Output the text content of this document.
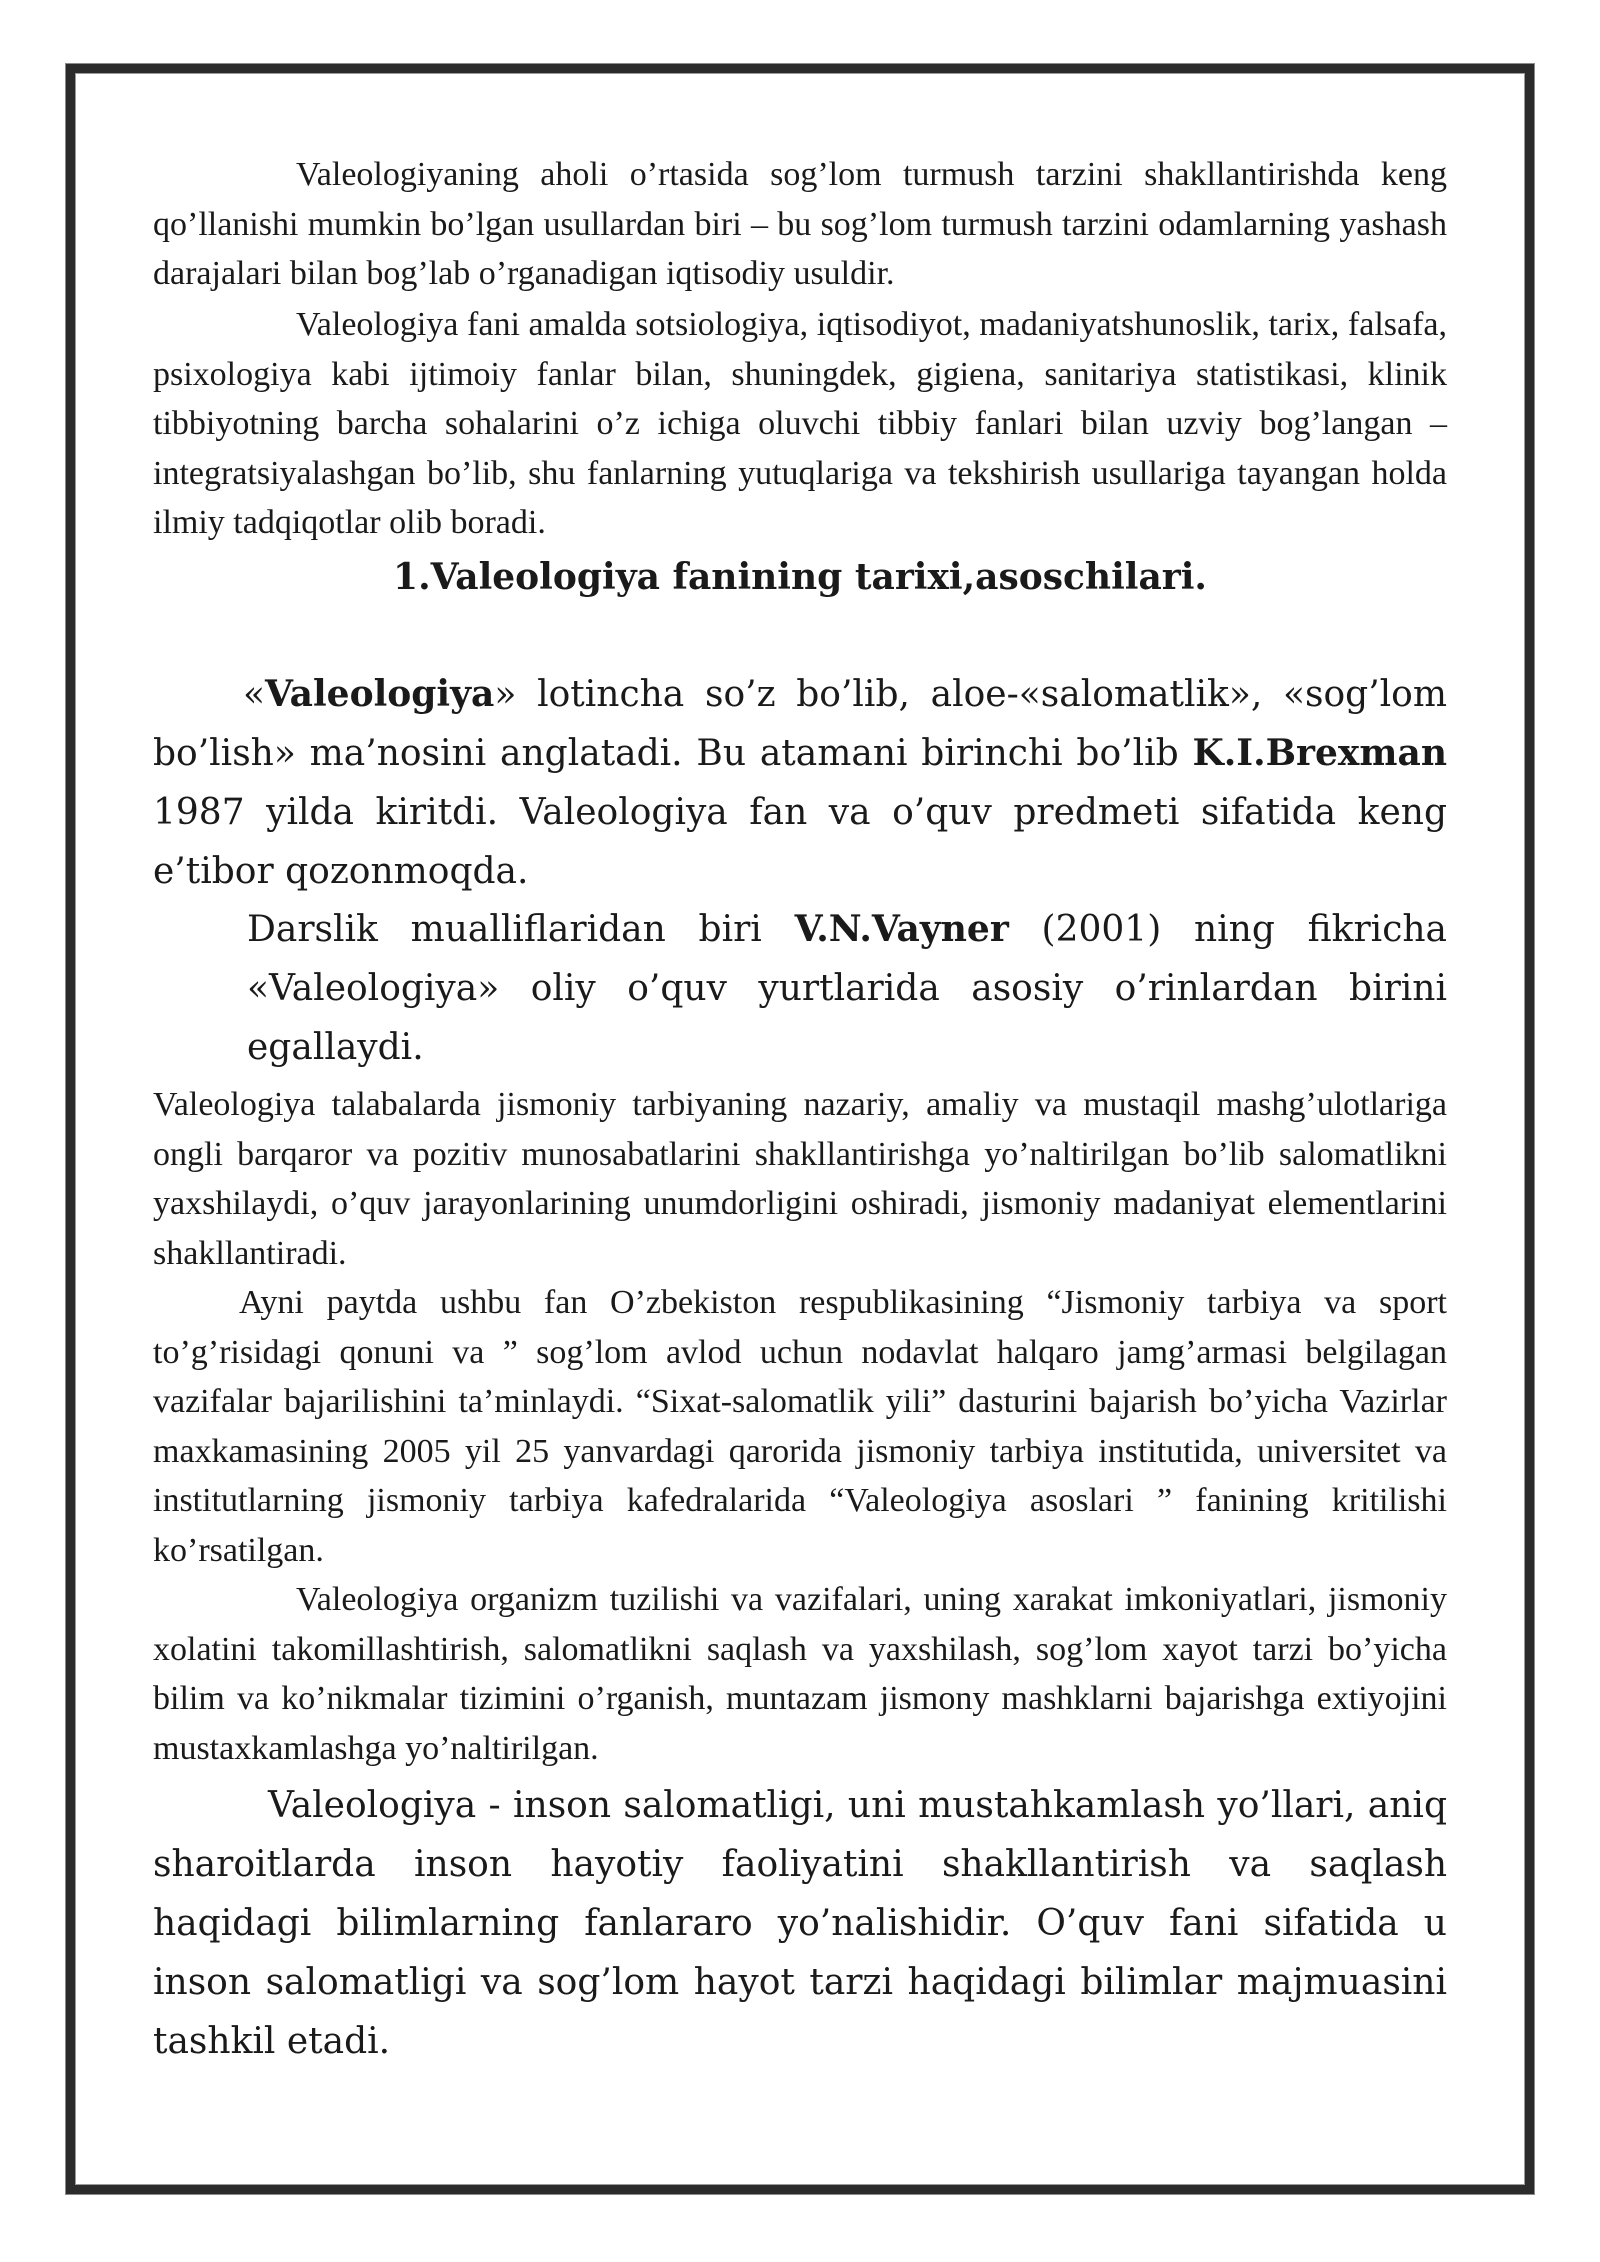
Valeologiyaning aholi o’rtasida sog’lom turmush tarzini shakllantirishda keng qo’llanishi mumkin bo’lgan usullardan biri – bu sog’lom turmush tarzini odamlarning yashash darajalari bilan bog’lab o’rganadigan iqtisodiy usuldir.

Valeologiya fani amalda sotsiologiya, iqtisodiyot, madaniyatshunoslik, tarix, falsafa, psixologiya kabi ijtimoiy fanlar bilan, shuningdek, gigiena, sanitariya statistikasi, klinik tibbiyotning barcha sohalarini o’z ichiga oluvchi tibbiy fanlari bilan uzviy bog’langan – integratsiyalashgan bo’lib, shu fanlarning yutuqlariga va tekshirish usullariga tayangan holda ilmiy tadqiqotlar olib boradi.

1.Valeologiya fanining tarixi,asoschilari.

«Valeologiya» lotincha so’z bo’lib, aloe-«salomatlik», «sog’lom bo’lish» ma’nosini anglatadi. Bu atamani birinchi bo’lib K.I.Brexman 1987 yilda kiritdi. Valeologiya fan va o’quv predmeti sifatida keng e’tibor qozonmoqda.

Darslik mualliflaridan biri V.N.Vayner (2001) ning fikricha «Valeologiya» oliy o’quv yurtlarida asosiy o’rinlardan birini egallaydi.

Valeologiya talabalarda jismoniy tarbiyaning nazariy, amaliy va mustaqil mashg’ulotlariga ongli barqaror va pozitiv munosabatlarini shakllantirishga yo’naltirilgan bo’lib salomatlikni yaxshilaydi, o’quv jarayonlarining unumdorligini oshiradi, jismoniy madaniyat elementlarini shakllantiradi.

Ayni paytda ushbu fan O’zbekiston respublikasining “Jismoniy tarbiya va sport to’g’risidagi qonuni va ” sog’lom avlod uchun nodavlat halqaro jamg’armasi belgilagan vazifalar bajarilishini ta’minlaydi. “Sixat-salomatlik yili” dasturini bajarish bo’yicha Vazirlar maxkamasining 2005 yil 25 yanvardagi qarorida jismoniy tarbiya institutida, universitet va institutlarning jismoniy tarbiya kafedralarida “Valeologiya asoslari ” fanining kritilishi ko’rsatilgan.

Valeologiya organizm tuzilishi va vazifalari, uning xarakat imkoniyatlari, jismoniy xolatini takomillashtirish, salomatlikni saqlash va yaxshilash, sog’lom xayot tarzi bo’yicha bilim va ko’nikmalar tizimini o’rganish, muntazam jismony mashklarni bajarishga extiyojini mustaxkamlashga yo’naltirilgan.

Valeologiya - inson salomatligi, uni mustahkamlash yo’llari, aniq sharoitlarda inson hayotiy faoliyatini shakllantirish va saqlash haqidagi bilimlarning fanlararo yo’nalishidir. O’quv fani sifatida u inson salomatligi va sog’lom hayot tarzi haqidagi bilimlar majmuasini tashkil etadi.
